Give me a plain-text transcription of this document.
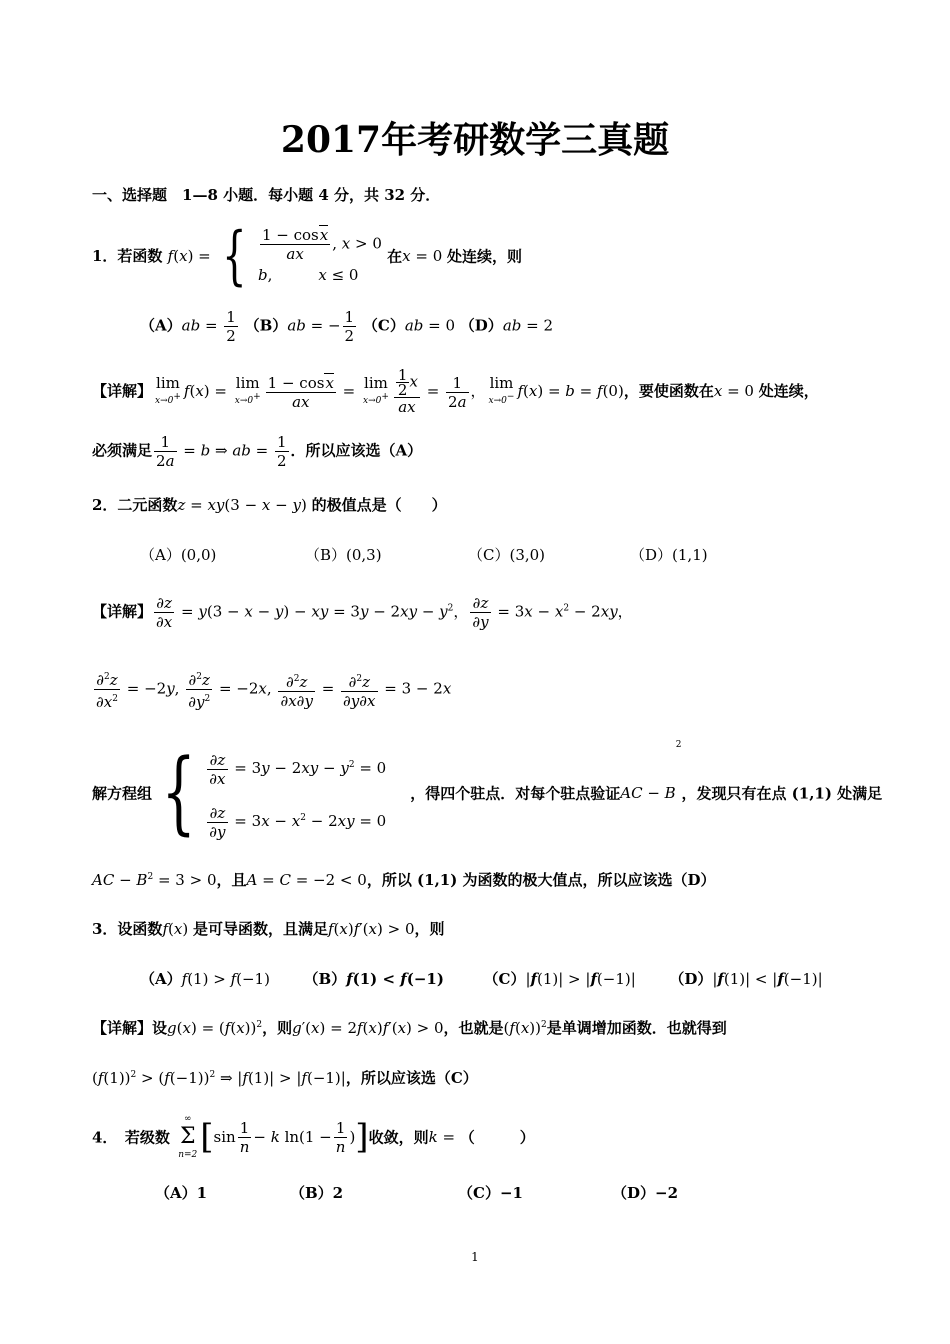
2017年考研数学三真题
一、选择题　1—8 小题．每小题 4 分，共 32 分．
1．若函数 f(x) = { $\frac{1 - \cos x}{ax}$ , x > 0
b,	x ≤ 0
在x = 0 处连续，则
$(A)ab = \frac{1}{2} (B)ab$ = − $\frac{1}{2} (C)ab = 0$ （D）ab = 2
【详解】 lim
x→0+ f(x) = lim
$x\to 0^+ \frac{1 - \cos x}{ax} = \lim$
$x\to 0^+ \frac{\frac{1}{2} x}{ax} = \frac{1}{2a}$ ， lim
x→0− f(x) = b = f(0)，要使函数在x = 0 处连续，
必须满足 $\frac{1}{2a} = b$ ⇒ ab = $\frac{1}{2}$ ．所以应该选（A）
2．二元函数z = xy(3 − x − y) 的极值点是（　　）
（A）(0,0)	（B）(0,3)	（C）(3,0)	（D）(1,1)
【详解】 $\frac{\partial z}{\partial x} = y(3 - x - y)$ − xy = $3y - 2xy - y^2$， $\frac{\partial z}{\partial y} = 3x - x^2 - 2xy$，
$\frac{\partial^2z}{\partial x^2} = -2y$, $\frac{\partial^2z}{\partial y^2} = -2x$, $\frac{\partial^2z}{\partial x\partial y} = \frac{\partial^2z}{\partial y\partial x} = 3 - 2x$
解方程组 { $\frac{\partial z}{\partial x} = 3y - 2xy - y^2 = 0$
$\frac{\partial z}{\partial y} = 3x - x^2 - 2xy = 0$
，得四个驻点．对每个驻点验证AC − $B^2$，发现只有在点 (1,1) 处满足
AC − $B^2 = 3 > 0$，且A = C = −2 < 0，所以 (1,1) 为函数的极大值点，所以应该选（D）
3．设函数f(x) 是可导函数，且满足f(x)f′(x) > 0，则
（A）f(1) > f(−1)  （B）f(1) < f(−1)	（C）|f(1)| > |f(−1)|  （D）|f(1)| < |f(−1)|
【详解】设$g(x) = (f(x))^2$，则g′(x) = 2f(x)f′(x) > 0，也就是$(f(x))^2$是单调增加函数．也就得到
$(f(1))^2 > (f(-1))^2$ ⇒ |f(1)| > |f(−1)|，所以应该选（C）
4．　若级数
∞
Σ
n=2 [$\sin \frac{1}{n} - k$ $\ln(1 - \frac{1}{n}$ )]收敛，则k = （　　　）
（A）1	（B）2	（C）−1	（D）−2
1
